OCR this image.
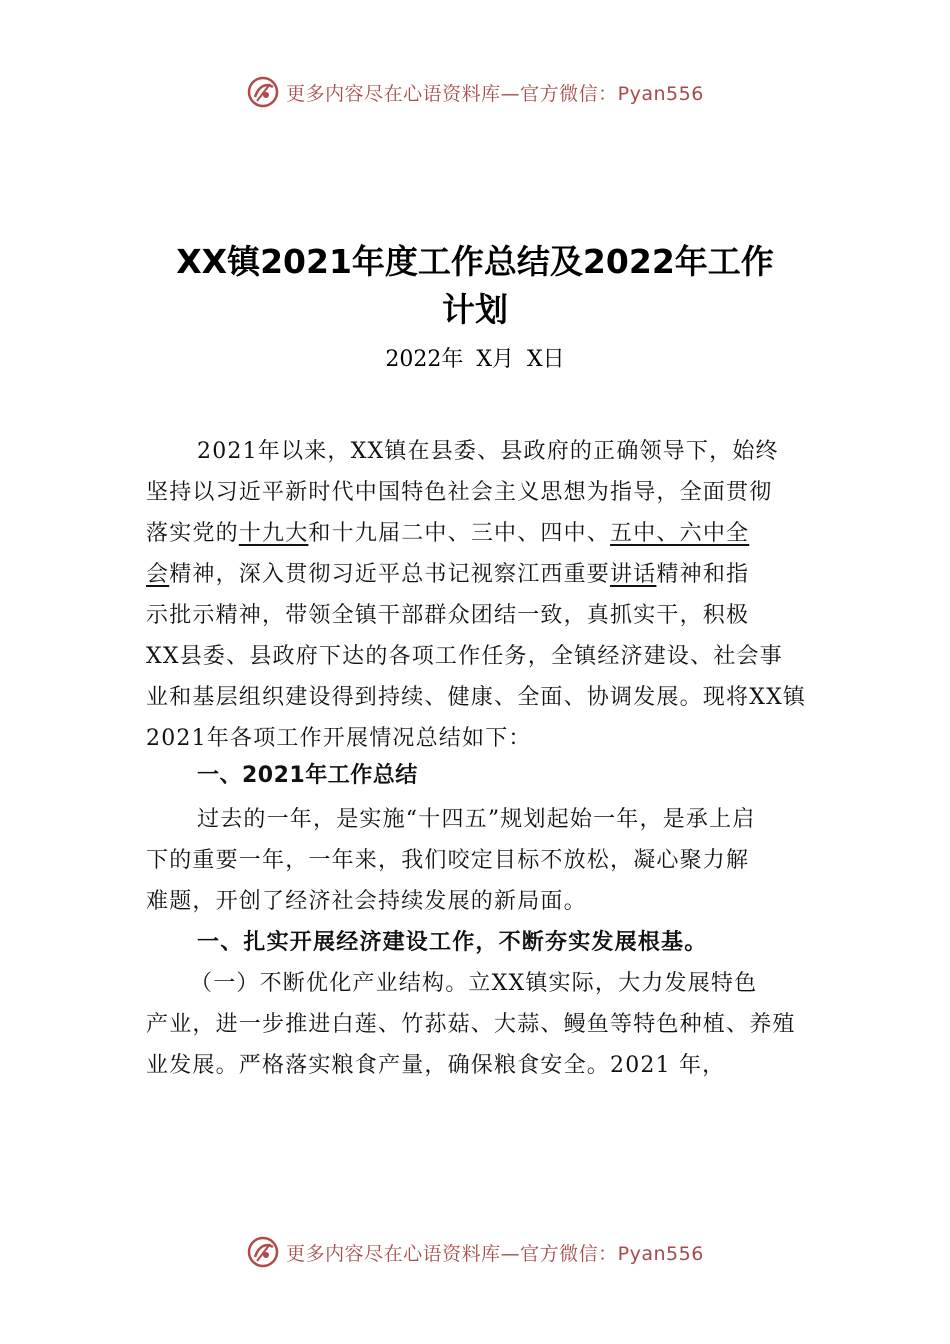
更多内容尽在心语资料库—官方微信：Pyan556
XX镇2021年度工作总结及2022年工作
计划
2022年 X月 X日
2021年以来，XX镇在县委、县政府的正确领导下，始终
坚持以习近平新时代中国特色社会主义思想为指导，全面贯彻
落实党的十九大和十九届二中、三中、四中、五中、六中全
会精神，深入贯彻习近平总书记视察江西重要讲话精神和指
示批示精神，带领全镇干部群众团结一致，真抓实干，积极
XX县委、县政府下达的各项工作任务，全镇经济建设、社会事
业和基层组织建设得到持续、健康、全面、协调发展。现将XX镇
2021年各项工作开展情况总结如下：
一、2021年工作总结
过去的一年，是实施“十四五”规划起始一年，是承上启
下的重要一年，一年来，我们咬定目标不放松，凝心聚力解
难题，开创了经济社会持续发展的新局面。
一、扎实开展经济建设工作，不断夯实发展根基。
（一）不断优化产业结构。立XX镇实际，大力发展特色
产业，进一步推进白莲、竹荪菇、大蒜、鳗鱼等特色种植、养殖
业发展。严格落实粮食产量，确保粮食安全。2021 年，
更多内容尽在心语资料库—官方微信：Pyan556
